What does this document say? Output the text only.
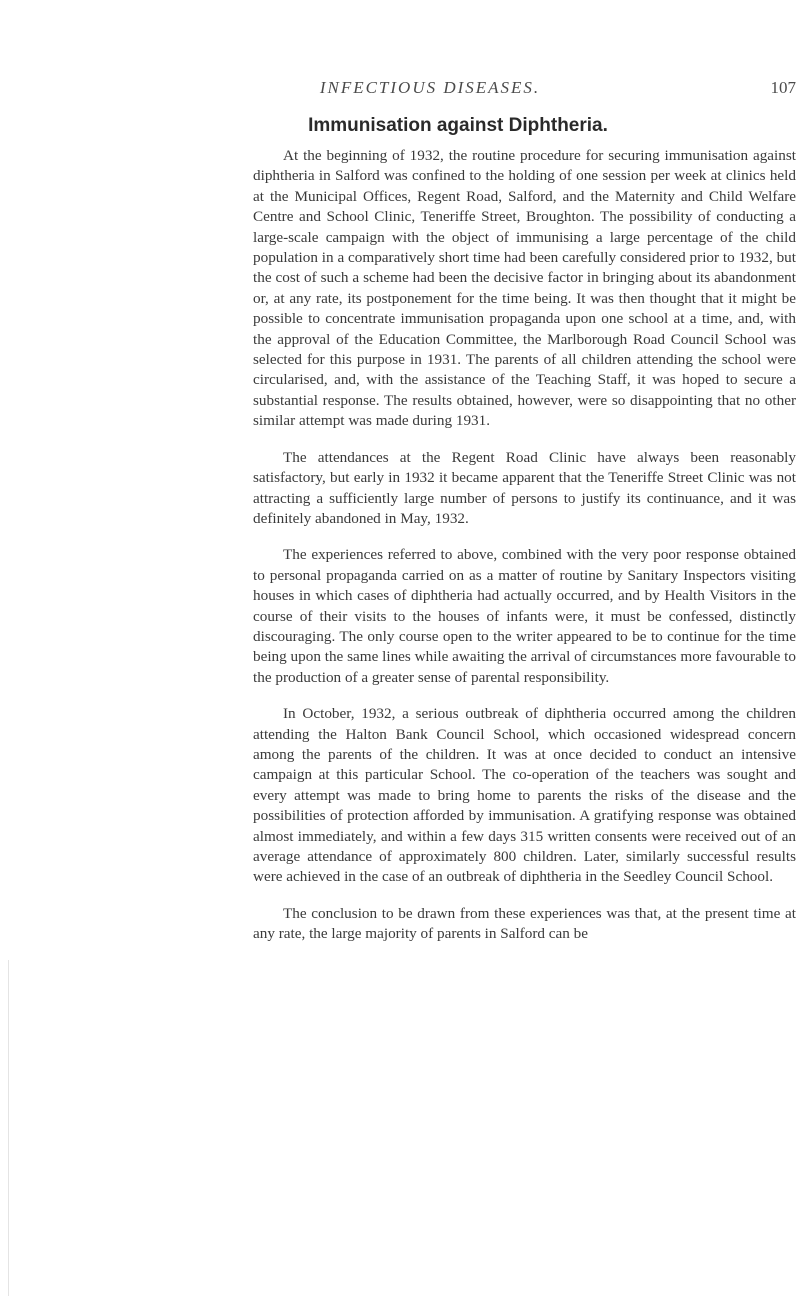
INFECTIOUS DISEASES.	107
Immunisation against Diphtheria.

At the beginning of 1932, the routine procedure for securing immunisation against diphtheria in Salford was confined to the holding of one session per week at clinics held at the Municipal Offices, Regent Road, Salford, and the Maternity and Child Welfare Centre and School Clinic, Teneriffe Street, Broughton. The possibility of conducting a large-scale campaign with the object of immunising a large percentage of the child population in a comparatively short time had been carefully considered prior to 1932, but the cost of such a scheme had been the decisive factor in bringing about its abandonment or, at any rate, its postponement for the time being. It was then thought that it might be possible to concentrate immunisation propaganda upon one school at a time, and, with the approval of the Education Committee, the Marlborough Road Council School was selected for this purpose in 1931. The parents of all children attending the school were circularised, and, with the assistance of the Teaching Staff, it was hoped to secure a substantial response. The results obtained, however, were so disappointing that no other similar attempt was made during 1931.

The attendances at the Regent Road Clinic have always been reasonably satisfactory, but early in 1932 it became apparent that the Teneriffe Street Clinic was not attracting a sufficiently large number of persons to justify its continuance, and it was definitely abandoned in May, 1932.

The experiences referred to above, combined with the very poor response obtained to personal propaganda carried on as a matter of routine by Sanitary Inspectors visiting houses in which cases of diphtheria had actually occurred, and by Health Visitors in the course of their visits to the houses of infants were, it must be confessed, distinctly discouraging. The only course open to the writer appeared to be to continue for the time being upon the same lines while awaiting the arrival of circumstances more favourable to the production of a greater sense of parental responsibility.

In October, 1932, a serious outbreak of diphtheria occurred among the children attending the Halton Bank Council School, which occasioned widespread concern among the parents of the children. It was at once decided to conduct an intensive campaign at this particular School. The co-operation of the teachers was sought and every attempt was made to bring home to parents the risks of the disease and the possibilities of protection afforded by immunisation. A gratifying response was obtained almost immediately, and within a few days 315 written consents were received out of an average attendance of approximately 800 children. Later, similarly successful results were achieved in the case of an outbreak of diphtheria in the Seedley Council School.

The conclusion to be drawn from these experiences was that, at the present time at any rate, the large majority of parents in Salford can be
